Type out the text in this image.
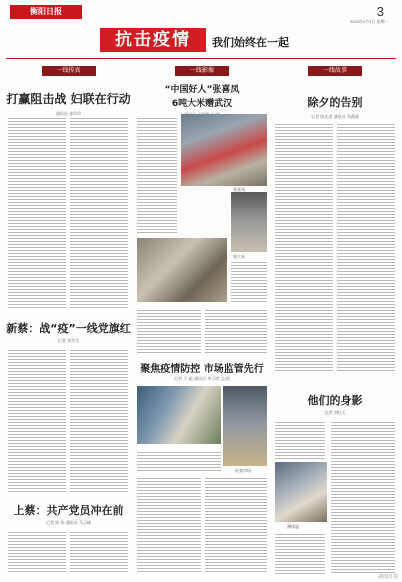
衡阳日报
抗击疫情	我们始终在一起
3
2020年2月3日 星期一
一线传真
打赢阻击战 妇联在行动
通讯员 张玲玲
新蔡：战“疫”一线党旗红
记者 刘冬至
上蔡：共产党员冲在前
记者 陈 伟 通讯员 马云峰
一线影像
“中国好人”张喜凤
6吨大米赠武汉
张喜凤
装大米
聚焦疫情防控 市场监管先行
记者 于 超 通讯员 李子明 文/图
检查市场
一线故事
除夕的告别
记者 陈光进 通讯员 刘燕燕
他们的身影
记者 刘红玉
测体温
湖南日报
